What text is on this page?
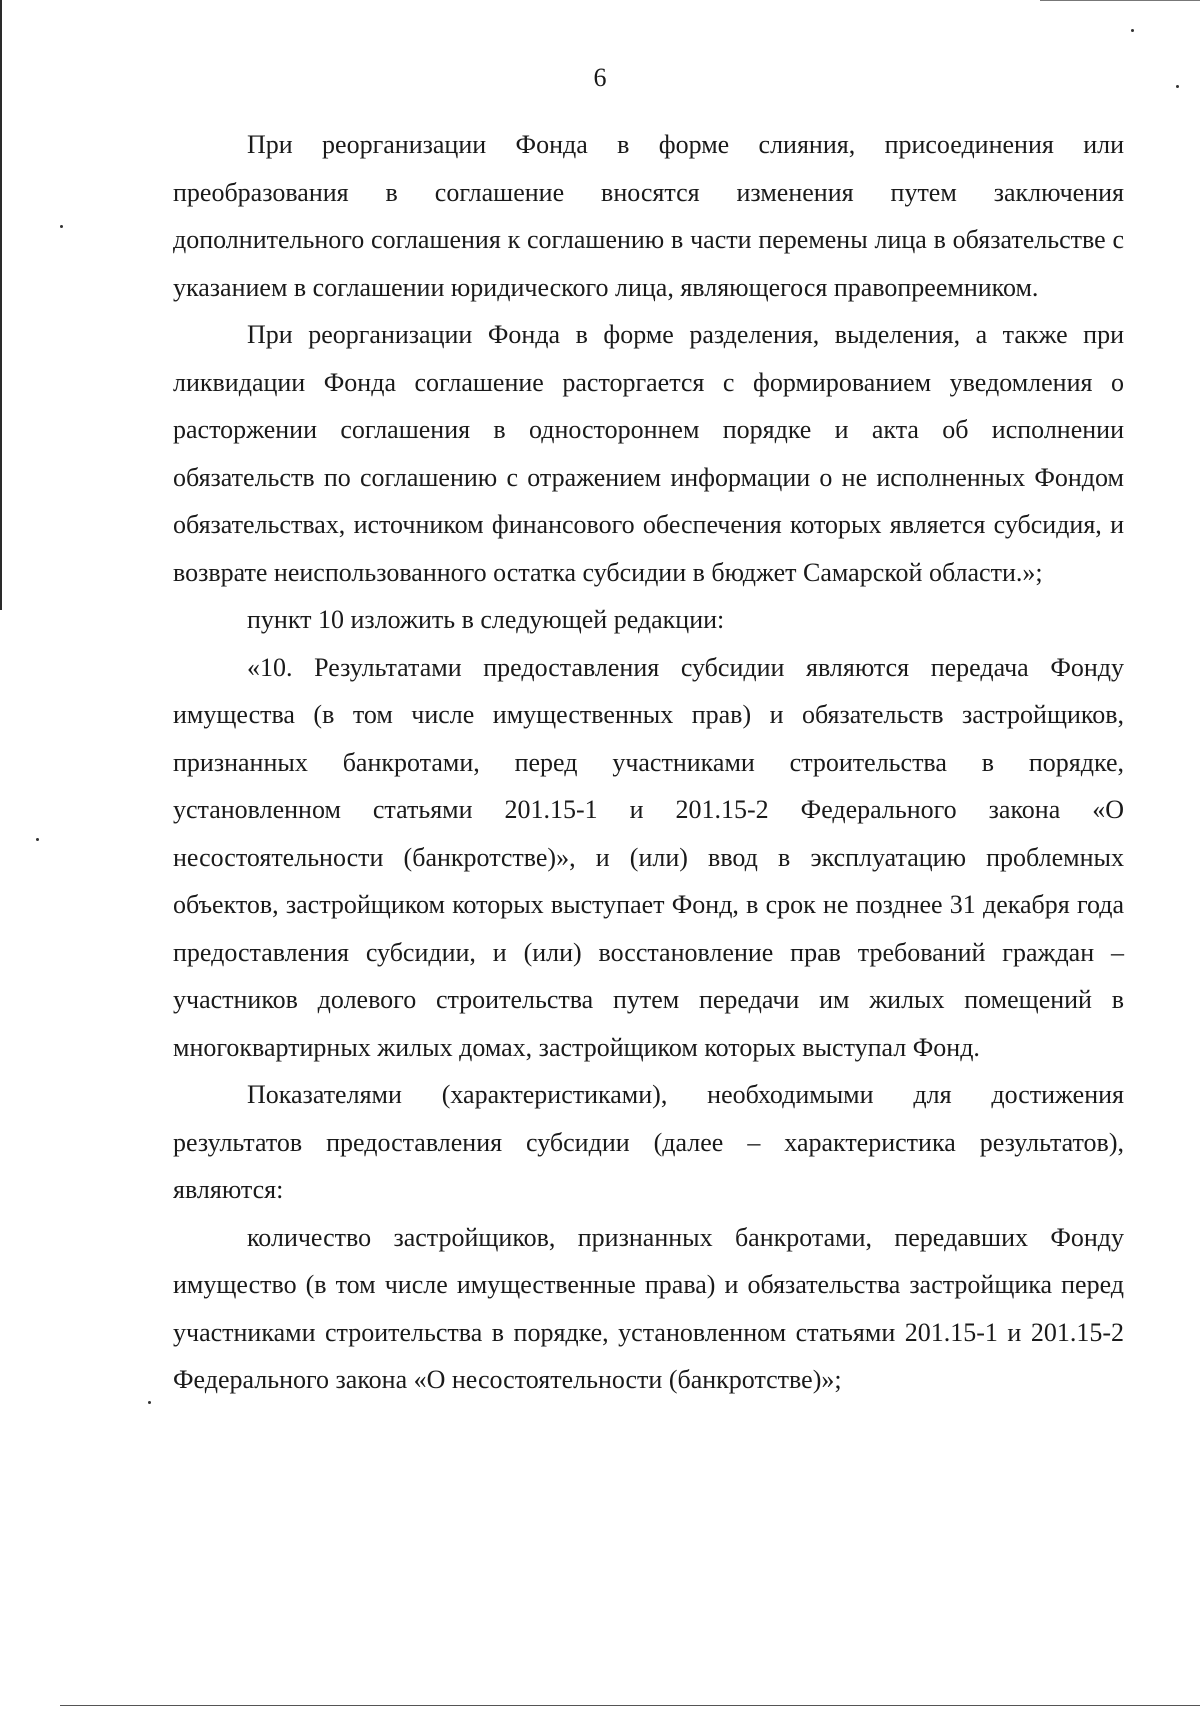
6

При реорганизации Фонда в форме слияния, присоединения или преобразования в соглашение вносятся изменения путем заключения дополнительного соглашения к соглашению в части перемены лица в обязательстве с указанием в соглашении юридического лица, являющегося правопреемником.

При реорганизации Фонда в форме разделения, выделения, а также при ликвидации Фонда соглашение расторгается с формированием уведомления о расторжении соглашения в одностороннем порядке и акта об исполнении обязательств по соглашению с отражением информации о не исполненных Фондом обязательствах, источником финансового обеспечения которых является субсидия, и возврате неиспользованного остатка субсидии в бюджет Самарской области.»;

пункт 10 изложить в следующей редакции:

«10. Результатами предоставления субсидии являются передача Фонду имущества (в том числе имущественных прав) и обязательств застройщиков, признанных банкротами, перед участниками строительства в порядке, установленном статьями 201.15-1 и 201.15-2 Федерального закона «О несостоятельности (банкротстве)», и (или) ввод в эксплуатацию проблемных объектов, застройщиком которых выступает Фонд, в срок не позднее 31 декабря года предоставления субсидии, и (или) восстановление прав требований граждан – участников долевого строительства путем передачи им жилых помещений в многоквартирных жилых домах, застройщиком которых выступал Фонд.

Показателями (характеристиками), необходимыми для достижения результатов предоставления субсидии (далее – характеристика результатов), являются:

количество застройщиков, признанных банкротами, передавших Фонду имущество (в том числе имущественные права) и обязательства застройщика перед участниками строительства в порядке, установленном статьями 201.15-1 и 201.15-2 Федерального закона «О несостоятельности (банкротстве)»;
